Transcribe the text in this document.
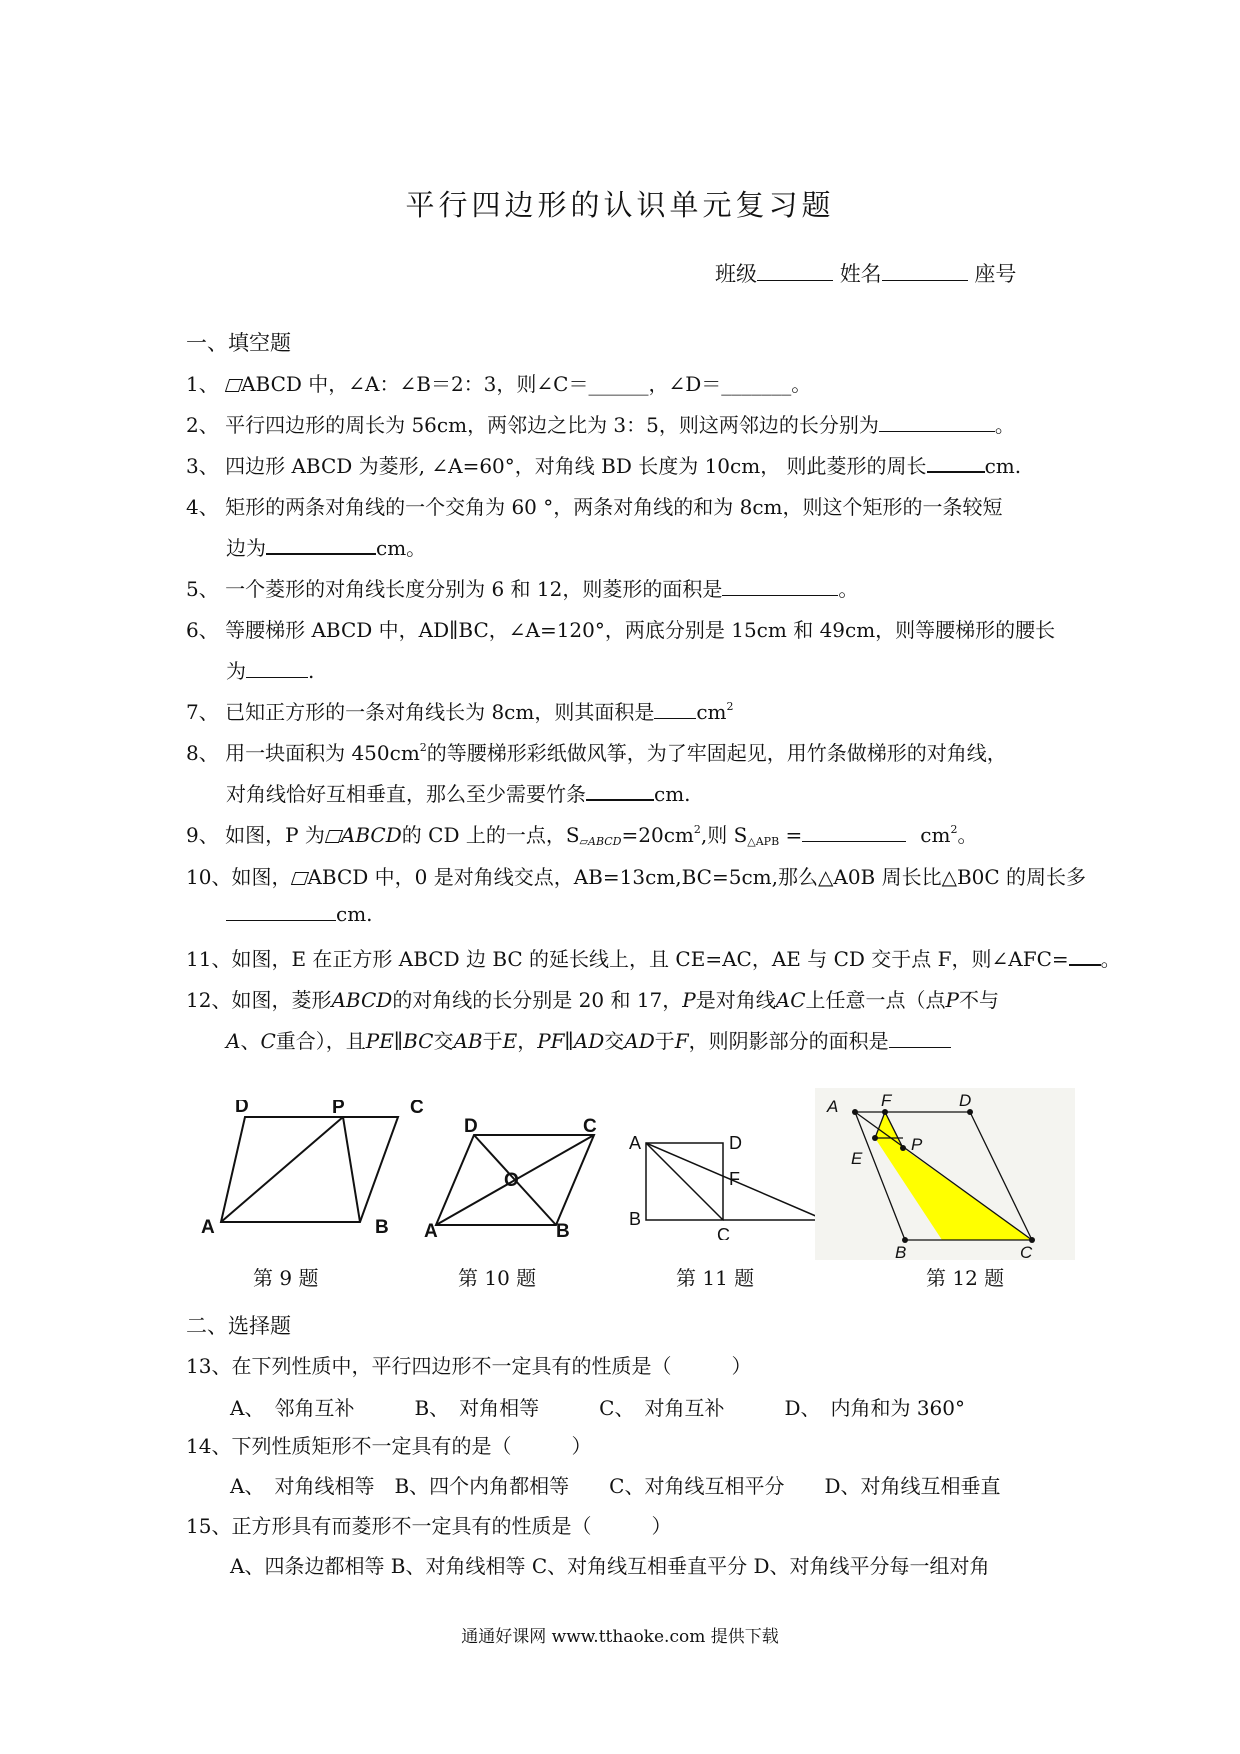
平行四边形的认识单元复习题
班级	姓名	座号
一、填空题
1、 ABCD 中，∠A：∠B＝2：3，则∠C＝______，∠D＝_______。
2、 平行四边形的周长为 56cm，两邻边之比为 3：5，则这两邻边的长分别为	。
3、 四边形 ABCD 为菱形, ∠A=60°，对角线 BD 长度为 10cm， 则此菱形的周长	cm.
4、 矩形的两条对角线的一个交角为 60 °，两条对角线的和为 8cm，则这个矩形的一条较短
边为	cm。
5、 一个菱形的对角线长度分别为 6 和 12，则菱形的面积是	。
6、 等腰梯形 ABCD 中，AD∥BC，∠A=120°，两底分别是 15cm 和 49cm，则等腰梯形的腰长
为	.
7、 已知正方形的一条对角线长为 8cm，则其面积是 $cm^2$
8、 用一块面积为 $450cm^2$的等腰梯形彩纸做风筝，为了牢固起见，用竹条做梯形的对角线，
对角线恰好互相垂直，那么至少需要竹条	cm.
9、 如图，P 为 ABCD的 CD 上的一点，$S_{▱ABCD}=20cm^2$,则 $S_{\triangle APB}$ =	$cm^2$。
10、如图， ABCD 中，0 是对角线交点，AB=13cm,BC=5cm,那么△A0B 周长比△B0C 的周长多
cm.
11、如图，E 在正方形 ABCD 边 BC 的延长线上，且 CE=AC，AE 与 CD 交于点 F，则∠AFC= 。
12、如图，菱形ABCD的对角线的长分别是 20 和 17，P是对角线AC上任意一点（点P不与
A、C重合），且PE∥BC交AB于E，PF∥AD交AD于F，则阴影部分的面积是
D	P	C
A	B
D	C
O
A	B
A	D
F
B
C
A	F	D
P
E
B	C
第 9 题	第 10 题	第 11 题	第 12 题
二、选择题
13、在下列性质中，平行四边形不一定具有的性质是（　　　）
A、　邻角互补　　　B、　对角相等　　　C、　对角互补　　　D、　内角和为 360°
14、下列性质矩形不一定具有的是（　　　）
A、　对角线相等　B、四个内角都相等　　C、对角线互相平分　　D、对角线互相垂直
15、正方形具有而菱形不一定具有的性质是（　　　）
A、四条边都相等 B、对角线相等 C、对角线互相垂直平分 D、对角线平分每一组对角
通通好课网 www.tthaoke.com 提供下载
